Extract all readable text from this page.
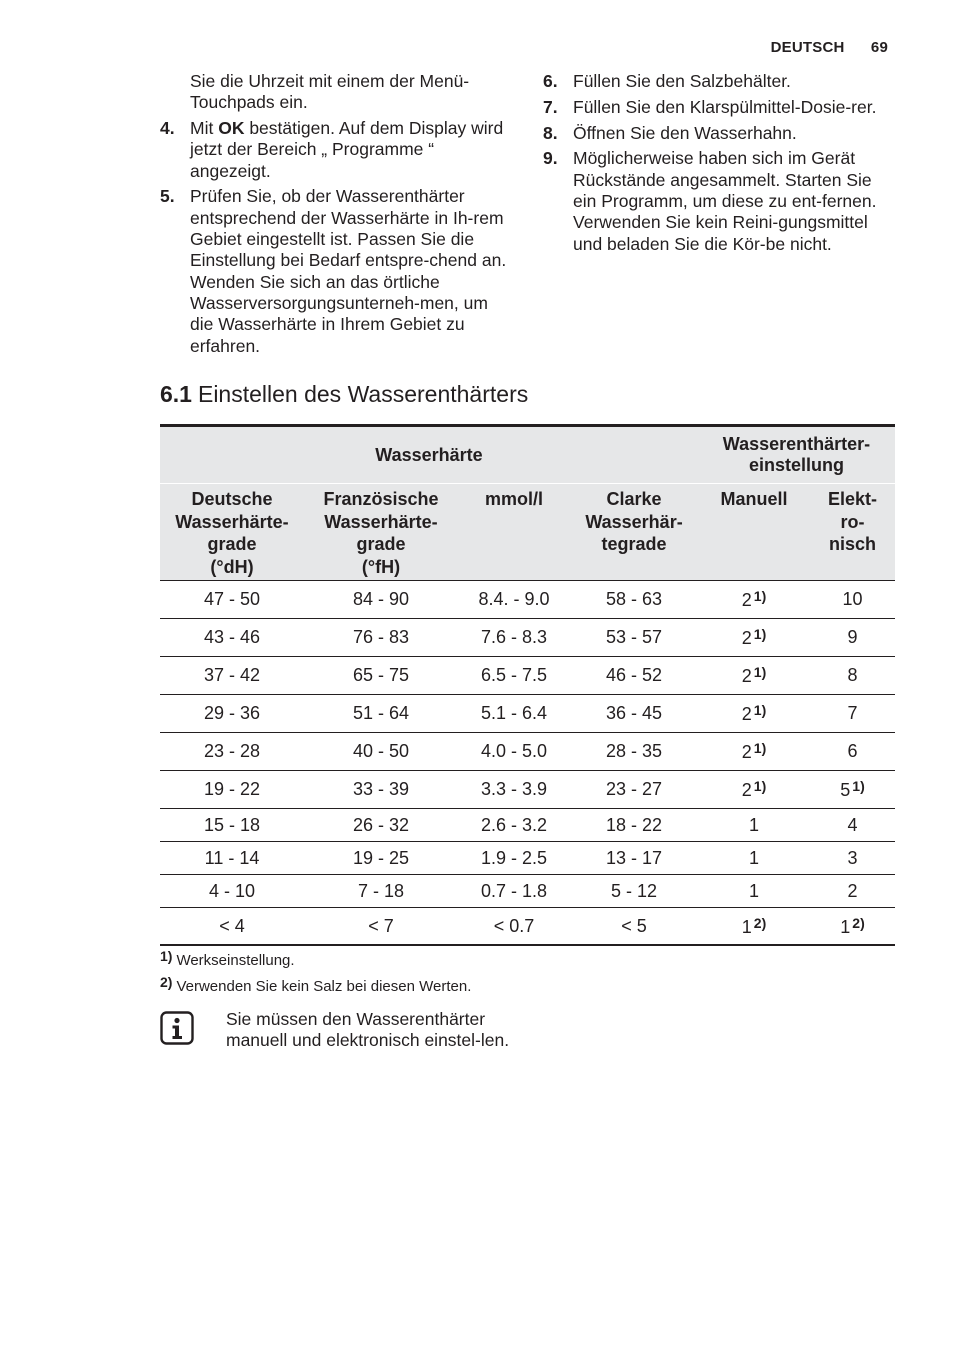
DEUTSCH 69
Sie die Uhrzeit mit einem der Menü-
Touchpads ein.
4. Mit OK bestätigen. Auf dem Display wird jetzt der Bereich „ Programme “ angezeigt.
5. Prüfen Sie, ob der Wasserenthärter entsprechend der Wasserhärte in Ih-rem Gebiet eingestellt ist. Passen Sie die Einstellung bei Bedarf entspre-chend an. Wenden Sie sich an das örtliche Wasserversorgungsunterneh-men, um die Wasserhärte in Ihrem Gebiet zu erfahren.
6. Füllen Sie den Salzbehälter.
7. Füllen Sie den Klarspülmittel-Dosie-rer.
8. Öffnen Sie den Wasserhahn.
9. Möglicherweise haben sich im Gerät Rückstände angesammelt. Starten Sie ein Programm, um diese zu ent-fernen. Verwenden Sie kein Reini-gungsmittel und beladen Sie die Kör-be nicht.
6.1 Einstellen des Wasserenthärters
Wasserhärte				Wasserenthärter-
einstellung	
Deutsche
Wasserhärte-
grade
(°dH)	Französische
Wasserhärte-
grade
(°fH)	mmol/l	Clarke
Wasserhär-
tegrade	Manuell	Elekt-
ro-
nisch
47 - 50	84 - 90	8.4. - 9.0	58 - 63	2 $^{1)}$	10
43 - 46	76 - 83	7.6 - 8.3	53 - 57	2 $^{1)}$	9
37 - 42	65 - 75	6.5 - 7.5	46 - 52	2 $^{1)}$	8
29 - 36	51 - 64	5.1 - 6.4	36 - 45	2 $^{1)}$	7
23 - 28	40 - 50	4.0 - 5.0	28 - 35	2 $^{1)}$	6
19 - 22	33 - 39	3.3 - 3.9	23 - 27	2 $^{1)}$	5 $^{1)}$
15 - 18	26 - 32	2.6 - 3.2	18 - 22	1	4
11 - 14	19 - 25	1.9 - 2.5	13 - 17	1	3
4 - 10	7 - 18	0.7 - 1.8	5 - 12	1	2
< 4	< 7	< 0.7	< 5	1 $^{2)}$	1 $^{2)}$
1) Werkseinstellung.
2) Verwenden Sie kein Salz bei diesen Werten.
Sie müssen den Wasserenthärter manuell und elektronisch einstel-len.
